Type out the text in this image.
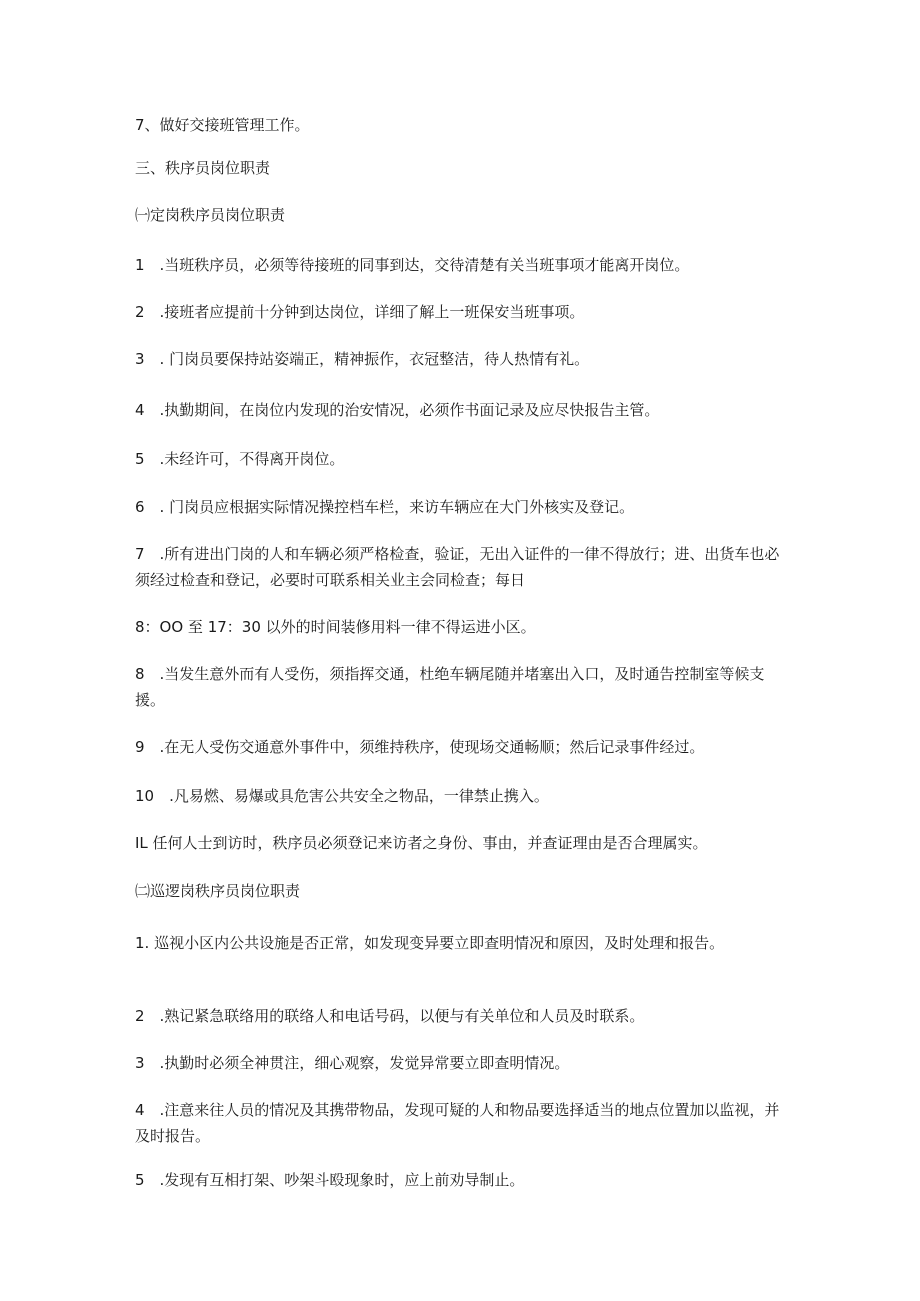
7、做好交接班管理工作。

三、秩序员岗位职责

㈠定岗秩序员岗位职责

1　.当班秩序员，必须等待接班的同事到达，交待清楚有关当班事项才能离开岗位。

2　.接班者应提前十分钟到达岗位，详细了解上一班保安当班事项。

3　. 门岗员要保持站姿端正，精神振作，衣冠整洁，待人热情有礼。

4　.执勤期间，在岗位内发现的治安情况，必须作书面记录及应尽快报告主管。

5　.未经许可，不得离开岗位。

6　. 门岗员应根据实际情况操控档车栏，来访车辆应在大门外核实及登记。

7　.所有进出门岗的人和车辆必须严格检查，验证，无出入证件的一律不得放行；进、出货车也必须经过检查和登记，必要时可联系相关业主会同检查；每日

8：OO 至 17：30 以外的时间装修用料一律不得运进小区。

8　.当发生意外而有人受伤，须指挥交通，杜绝车辆尾随并堵塞出入口，及时通告控制室等候支援。

9　.在无人受伤交通意外事件中，须维持秩序，使现场交通畅顺；然后记录事件经过。

10　.凡易燃、易爆或具危害公共安全之物品，一律禁止携入。

IL 任何人士到访时，秩序员必须登记来访者之身份、事由，并查证理由是否合理属实。

㈡巡逻岗秩序员岗位职责

1. 巡视小区内公共设施是否正常，如发现变异要立即查明情况和原因，及时处理和报告。

2　.熟记紧急联络用的联络人和电话号码，以便与有关单位和人员及时联系。

3　.执勤时必须全神贯注，细心观察，发觉异常要立即查明情况。

4　.注意来往人员的情况及其携带物品，发现可疑的人和物品要选择适当的地点位置加以监视，并及时报告。

5　.发现有互相打架、吵架斗殴现象时，应上前劝导制止。
